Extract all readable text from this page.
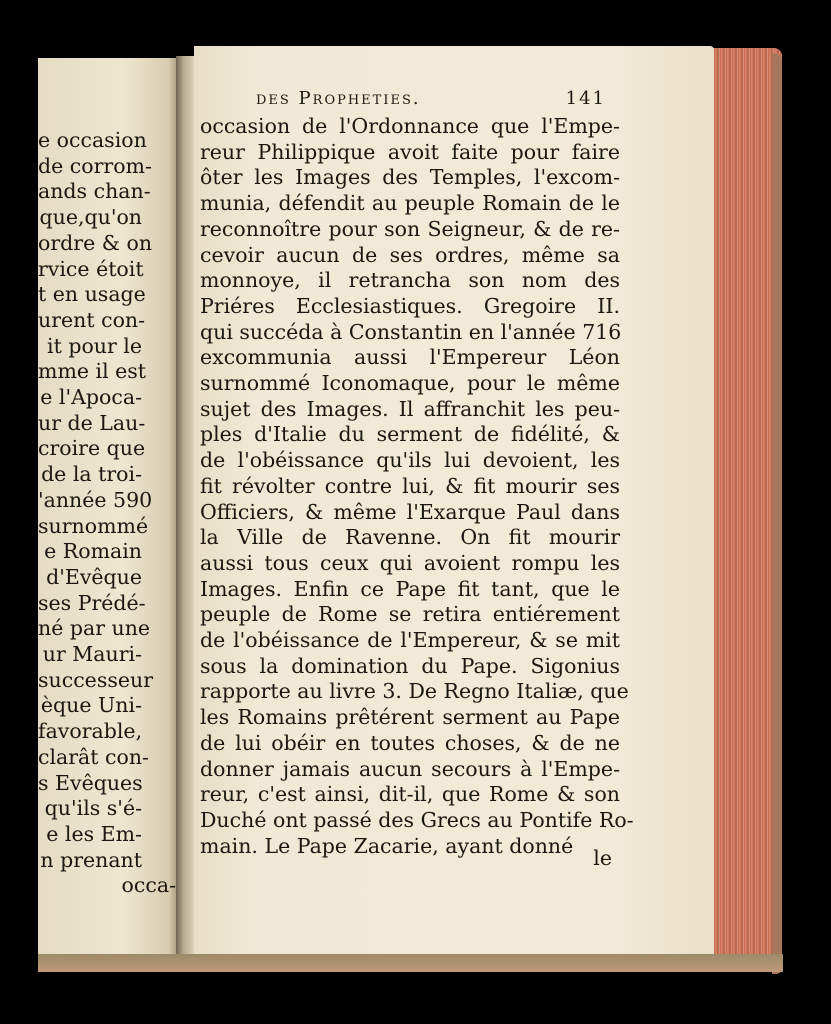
e occasion
de corrom-
ands chan-
que,qu'on
ordre & on
rvice étoit
t en usage
urent con-
it pour le
mme il est
e l'Apoca-
ur de Lau-
croire que
de la troi-
'année 590
surnommé
e Romain
d'Evêque
ses Prédé-
né par une
ur Mauri-
successeur
èque Uni-
favorable,
clarât con-
s Evêques
qu'ils s'é-
e les Em-
n prenant
occa-
des Propheties.	141
occasion de l'Ordonnance que l'Empe-
reur Philippique avoit faite pour faire
ôter les Images des Temples, l'excom-
munia, défendit au peuple Romain de le
reconnoître pour son Seigneur, & de re-
cevoir aucun de ses ordres, même sa
monnoye, il retrancha son nom des
Priéres Ecclesiastiques. Gregoire II.
qui succéda à Constantin en l'année 716
excommunia aussi l'Empereur Léon
surnommé Iconomaque, pour le même
sujet des Images. Il affranchit les peu-
ples d'Italie du serment de fidélité, &
de l'obéissance qu'ils lui devoient, les
fit révolter contre lui, & fit mourir ses
Officiers, & même l'Exarque Paul dans
la Ville de Ravenne. On fit mourir
aussi tous ceux qui avoient rompu les
Images. Enfin ce Pape fit tant, que le
peuple de Rome se retira entiérement
de l'obéissance de l'Empereur, & se mit
sous la domination du Pape. Sigonius
rapporte au livre 3. De Regno Italiæ, que
les Romains prêtérent serment au Pape
de lui obéir en toutes choses, & de ne
donner jamais aucun secours à l'Empe-
reur, c'est ainsi, dit-il, que Rome & son
Duché ont passé des Grecs au Pontife Ro-
main. Le Pape Zacarie, ayant donné
le
